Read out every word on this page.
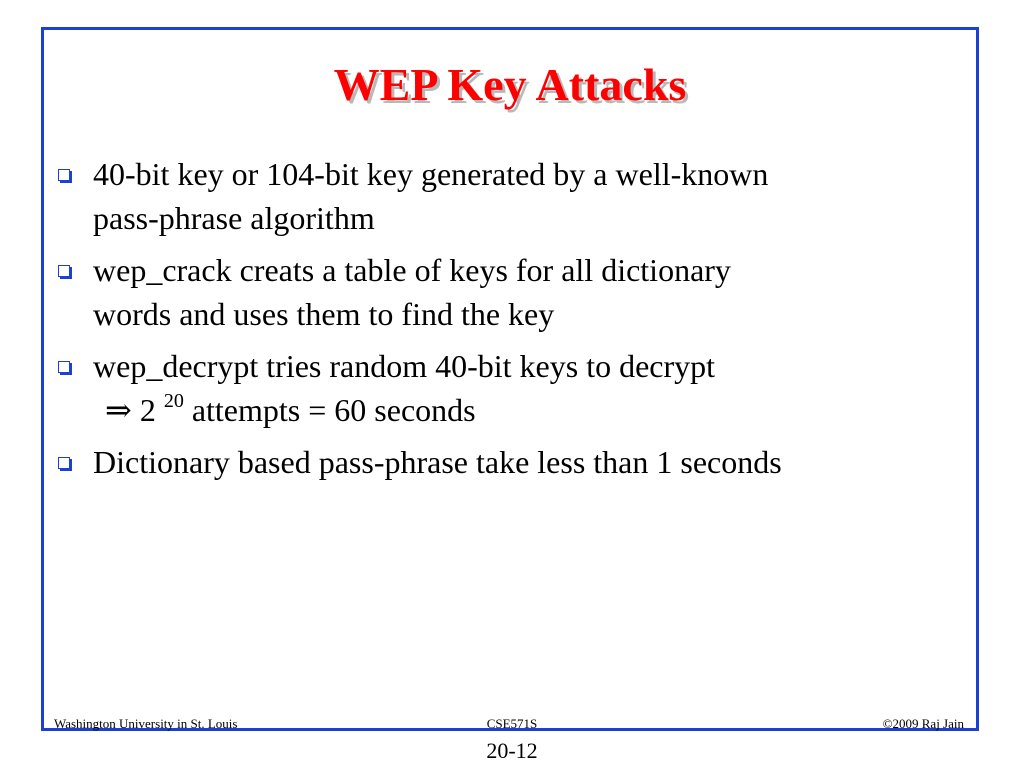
WEP Key Attacks
40-bit key or 104-bit key generated by a well-known
pass-phrase algorithm
wep_crack creats a table of keys for all dictionary
words and uses them to find the key
wep_decrypt tries random 40-bit keys to decrypt
⇒ 2 $^{20}$ attempts = 60 seconds
Dictionary based pass-phrase take less than 1 seconds
Washington University in St. Louis	CSE571S	©2009 Raj Jain
20-12
